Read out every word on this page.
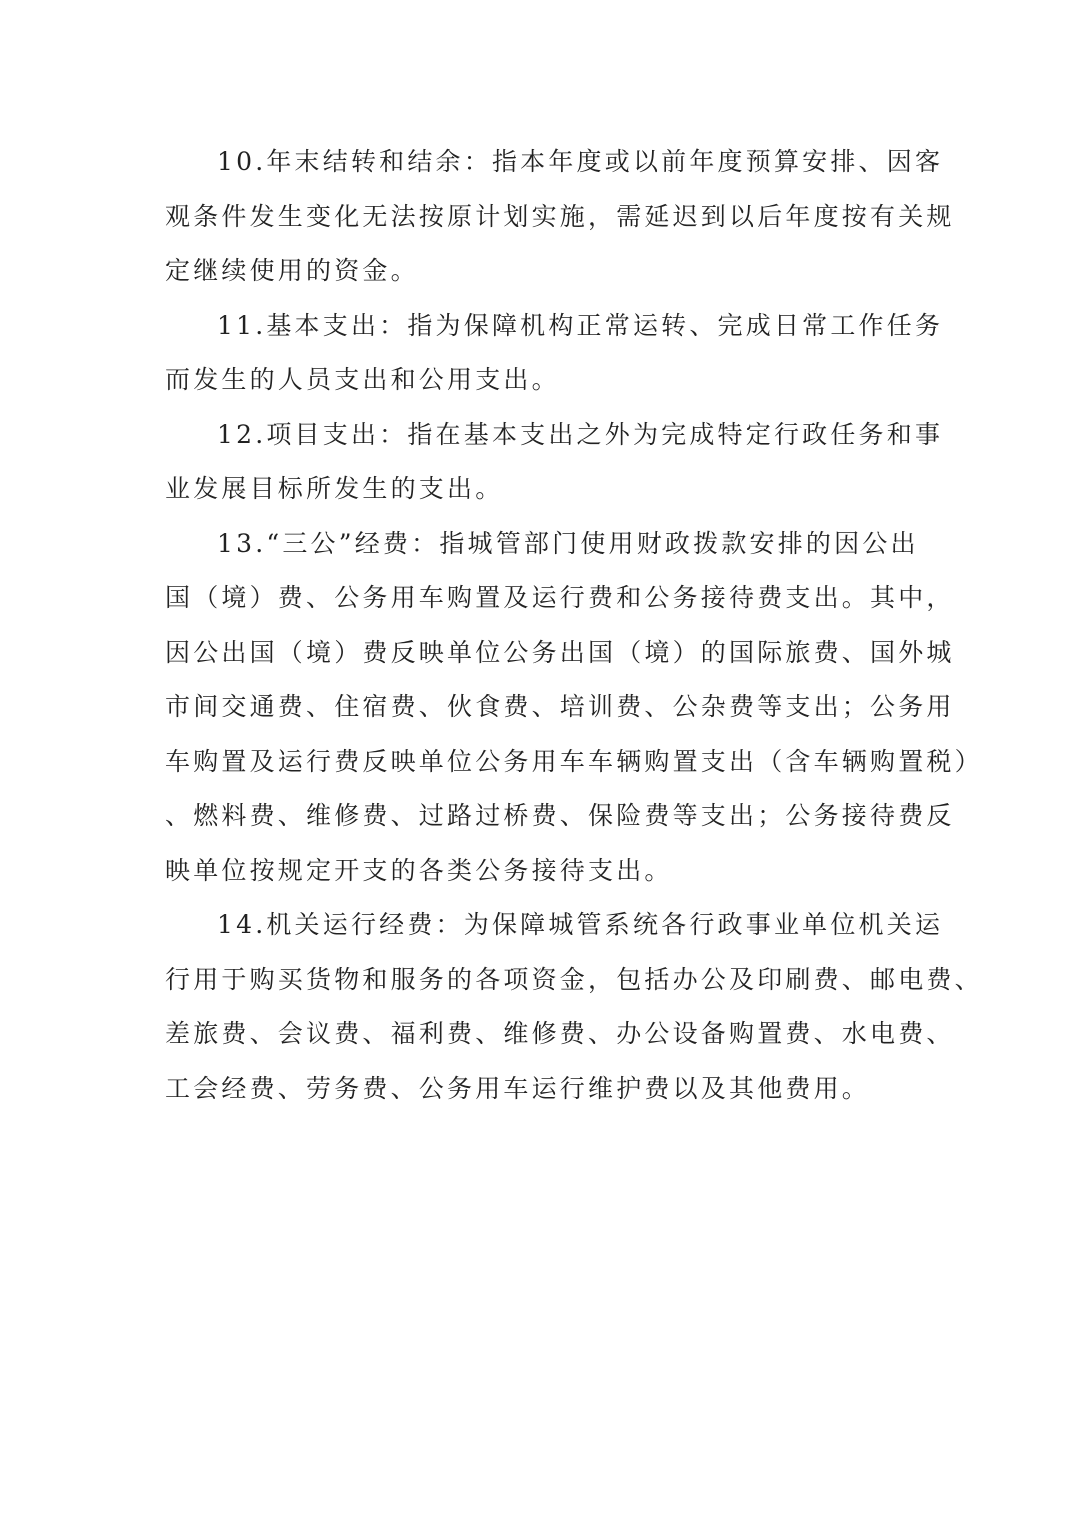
10.年末结转和结余：指本年度或以前年度预算安排、因客
观条件发生变化无法按原计划实施，需延迟到以后年度按有关规
定继续使用的资金。
11.基本支出：指为保障机构正常运转、完成日常工作任务
而发生的人员支出和公用支出。
12.项目支出：指在基本支出之外为完成特定行政任务和事
业发展目标所发生的支出。
13.“三公”经费：指城管部门使用财政拨款安排的因公出
国（境）费、公务用车购置及运行费和公务接待费支出。其中，
因公出国（境）费反映单位公务出国（境）的国际旅费、国外城
市间交通费、住宿费、伙食费、培训费、公杂费等支出；公务用
车购置及运行费反映单位公务用车车辆购置支出（含车辆购置税）
、燃料费、维修费、过路过桥费、保险费等支出；公务接待费反
映单位按规定开支的各类公务接待支出。
14.机关运行经费：为保障城管系统各行政事业单位机关运
行用于购买货物和服务的各项资金，包括办公及印刷费、邮电费、
差旅费、会议费、福利费、维修费、办公设备购置费、水电费、
工会经费、劳务费、公务用车运行维护费以及其他费用。
